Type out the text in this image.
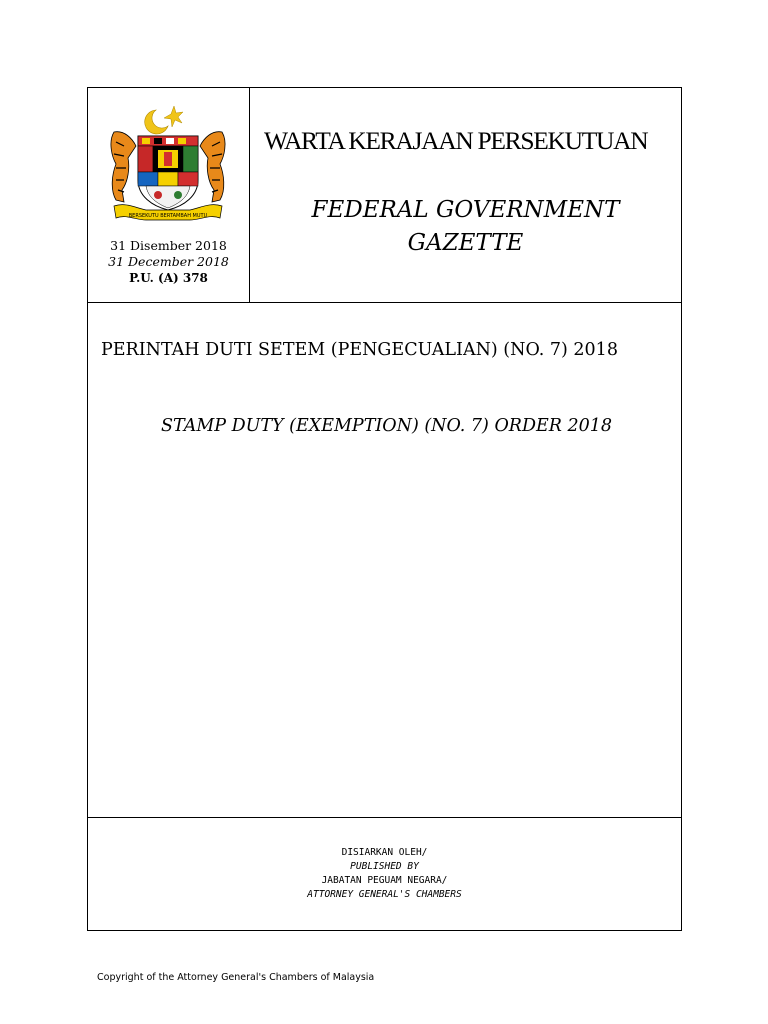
BERSEKUTU BERTAMBAH MUTU
31 Disember 2018
31 December 2018
P.U. (A) 378
WARTA KERAJAAN PERSEKUTUAN
FEDERAL GOVERNMENT
GAZETTE
PERINTAH DUTI SETEM (PENGECUALIAN) (NO. 7) 2018
STAMP DUTY (EXEMPTION) (NO. 7) ORDER 2018
DISIARKAN OLEH/
PUBLISHED BY
JABATAN PEGUAM NEGARA/
ATTORNEY GENERAL'S CHAMBERS
Copyright of the Attorney General's Chambers of Malaysia
